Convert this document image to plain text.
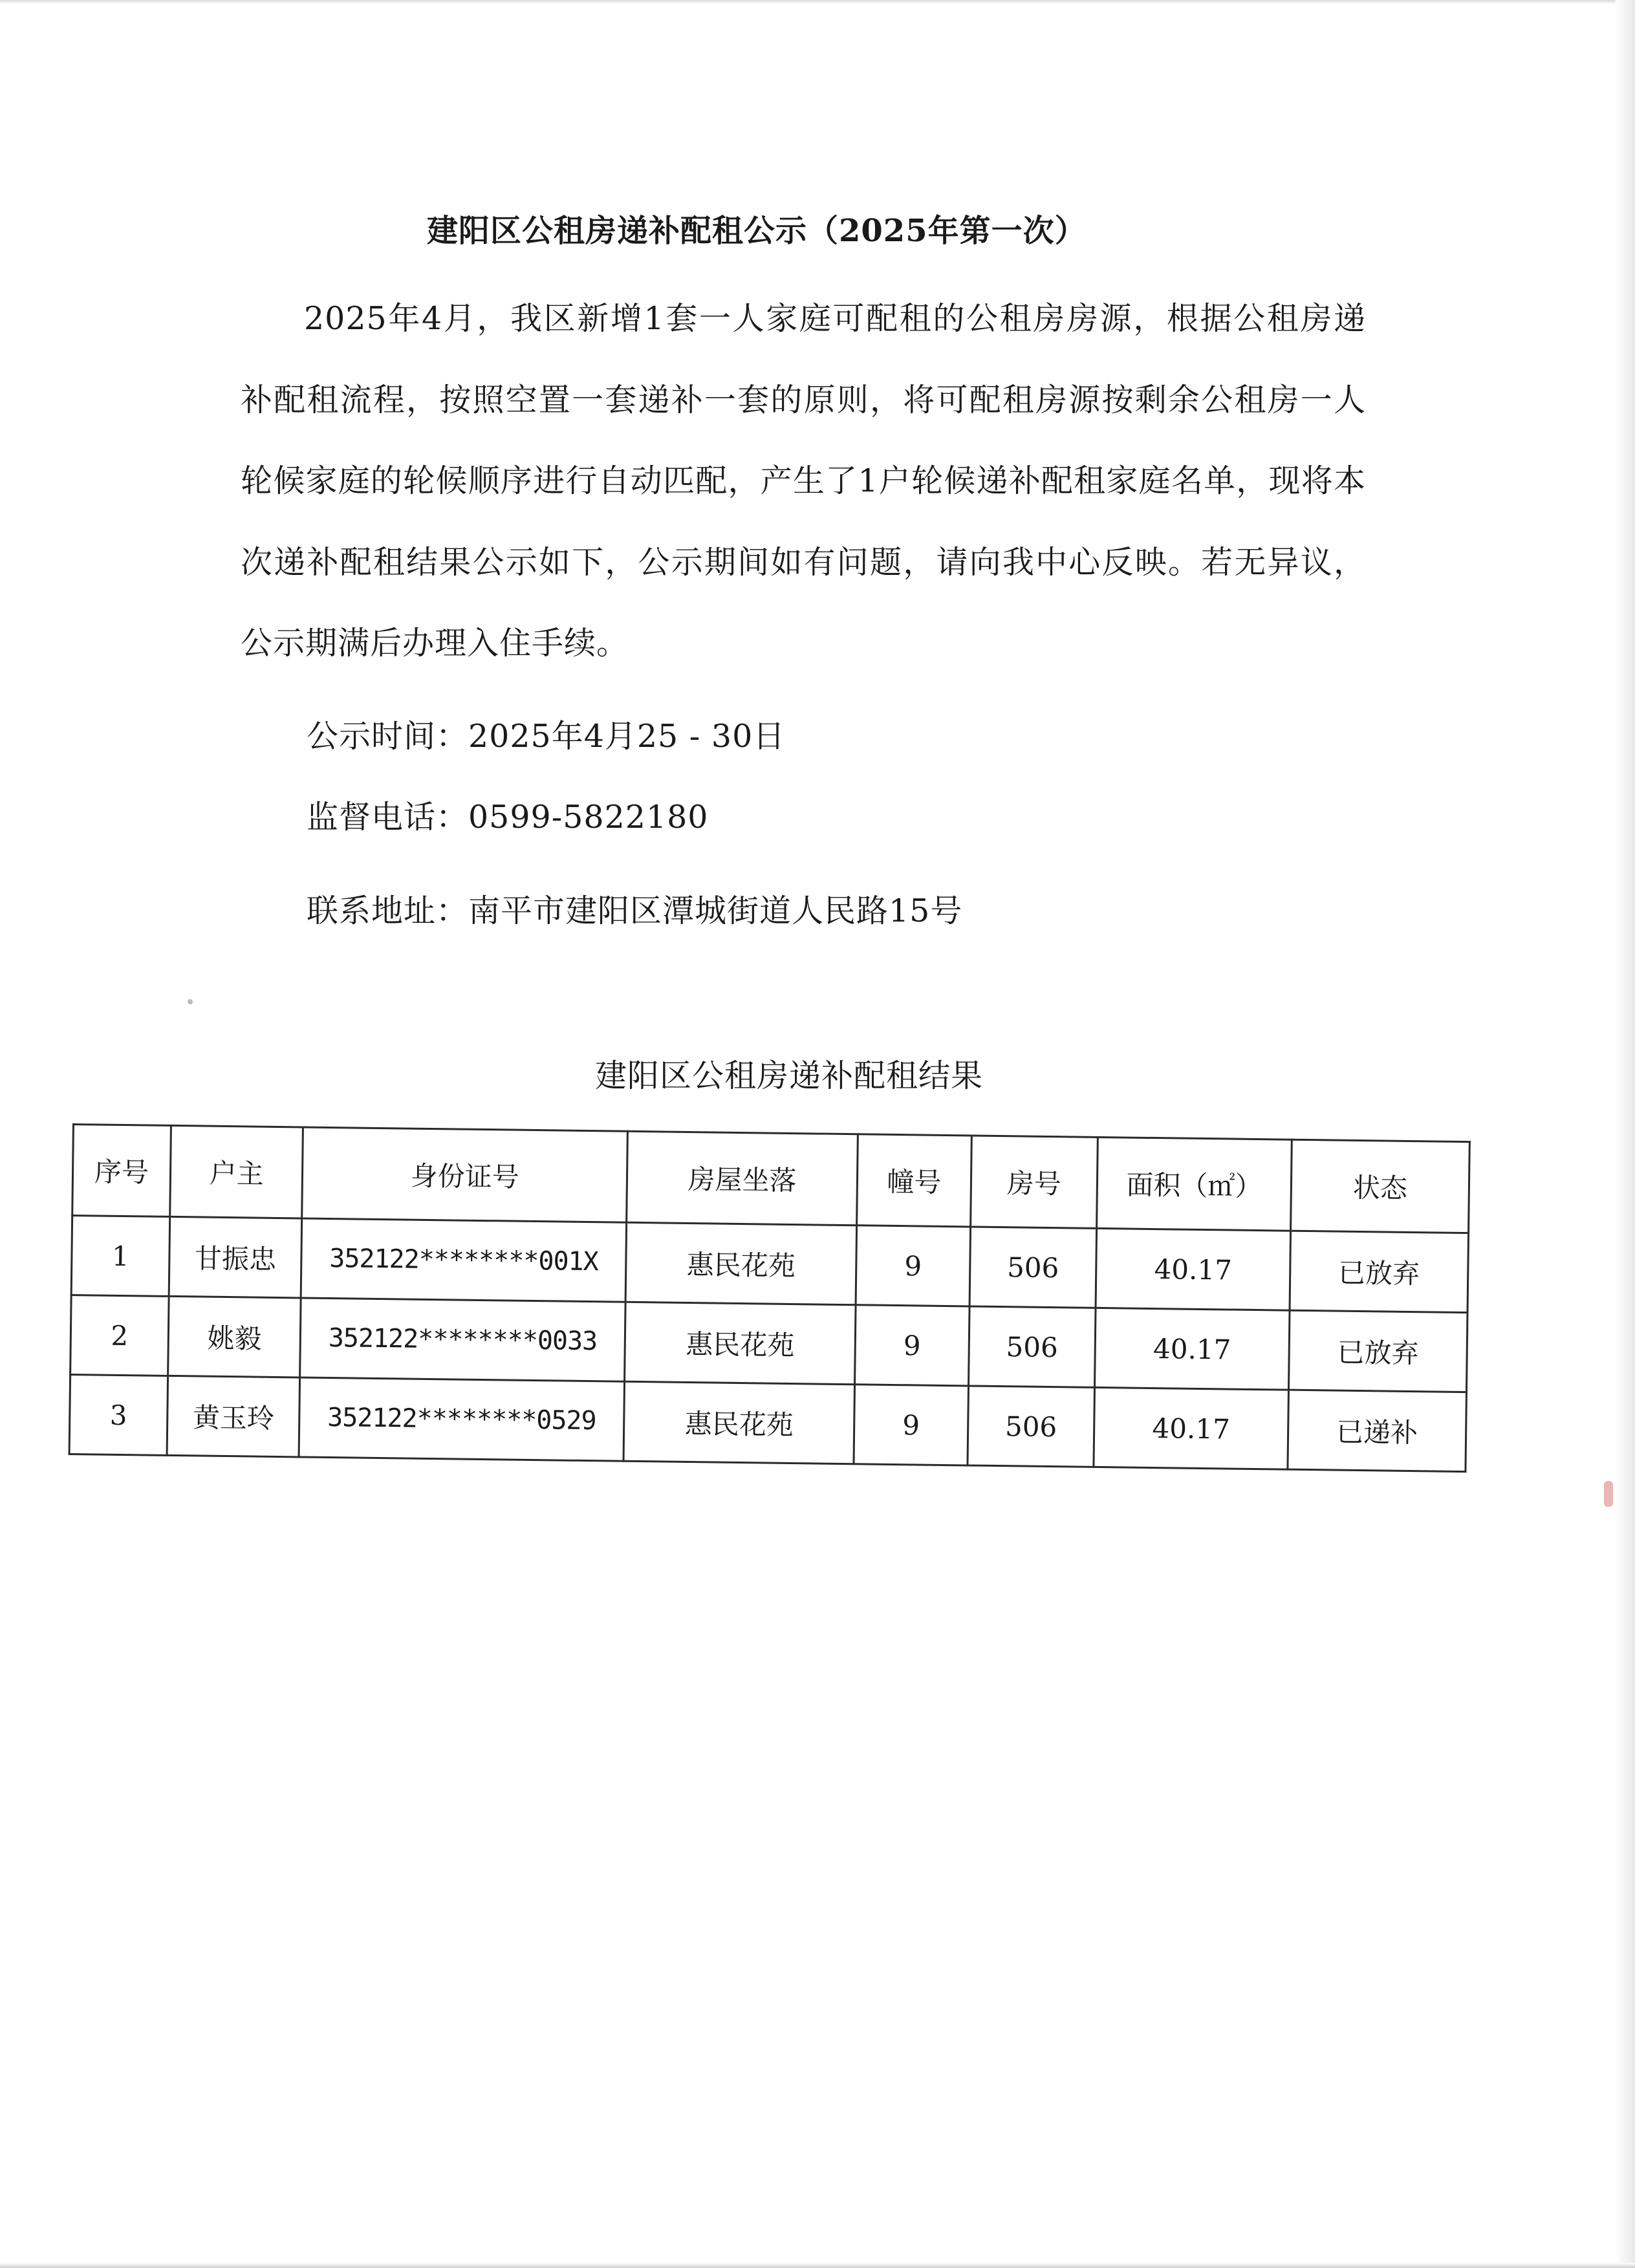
建阳区公租房递补配租公示（2025年第一次）

2025年4月，我区新增1套一人家庭可配租的公租房房源，根据公租房递补配租流程，按照空置一套递补一套的原则，将可配租房源按剩余公租房一人轮候家庭的轮候顺序进行自动匹配，产生了1户轮候递补配租家庭名单，现将本次递补配租结果公示如下，公示期间如有问题，请向我中心反映。若无异议，公示期满后办理入住手续。

公示时间：2025年4月25 - 30日
监督电话：0599-5822180
联系地址：南平市建阳区潭城街道人民路15号
建阳区公租房递补配租结果
序号	户主	身份证号	房屋坐落	幢号	房号	面积（㎡）	状态
1	甘振忠	352122********001X	惠民花苑	9	506	40.17	已放弃
2	姚毅	352122********0033	惠民花苑	9	506	40.17	已放弃
3	黄玉玲	352122********0529	惠民花苑	9	506	40.17	已递补
